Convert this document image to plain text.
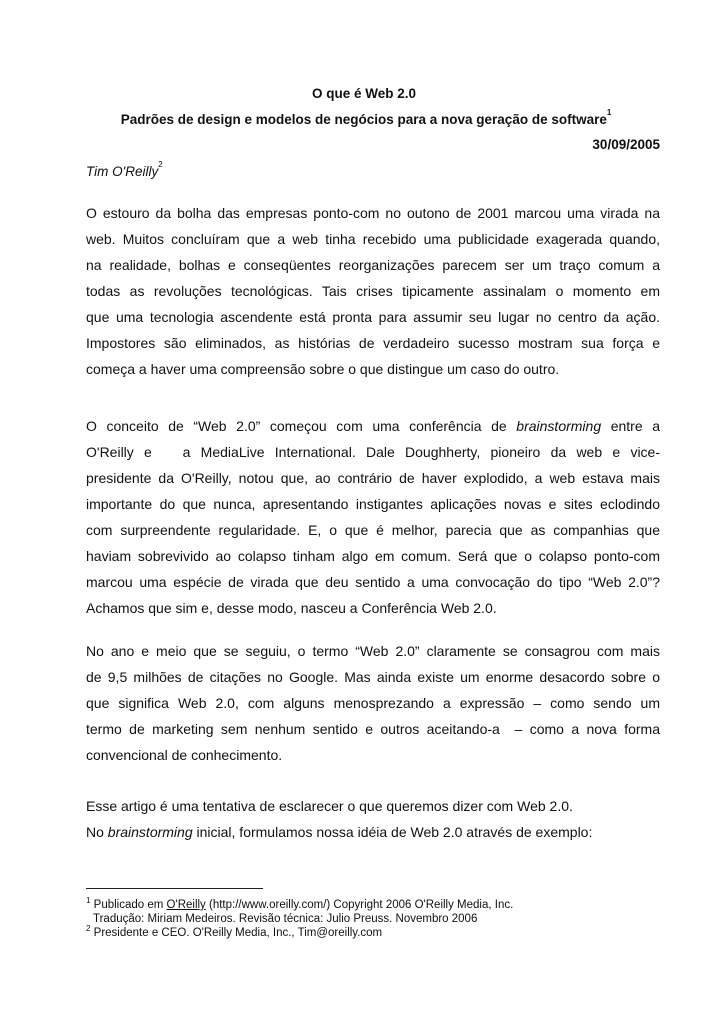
O que é Web 2.0
Padrões de design e modelos de negócios para a nova geração de software$^1$
30/09/2005
Tim O'Reilly$^2$
O estouro da bolha das empresas ponto-com no outono de 2001 marcou uma virada na
web. Muitos concluíram que a web tinha recebido uma publicidade exagerada quando,
na realidade, bolhas e conseqüentes reorganizações parecem ser um traço comum a
todas as revoluções tecnológicas. Tais crises tipicamente assinalam o momento em
que uma tecnologia ascendente está pronta para assumir seu lugar no centro da ação.
Impostores são eliminados, as histórias de verdadeiro sucesso mostram sua força e
começa a haver uma compreensão sobre o que distingue um caso do outro.
O conceito de “Web 2.0” começou com uma conferência de brainstorming entre a
O'Reilly e   a MediaLive International. Dale Doughherty, pioneiro da web e vice-
presidente da O'Reilly, notou que, ao contrário de haver explodido, a web estava mais
importante do que nunca, apresentando instigantes aplicações novas e sites eclodindo
com surpreendente regularidade. E, o que é melhor, parecia que as companhias que
haviam sobrevivido ao colapso tinham algo em comum. Será que o colapso ponto-com
marcou uma espécie de virada que deu sentido a uma convocação do tipo “Web 2.0”?
Achamos que sim e, desse modo, nasceu a Conferência Web 2.0.
No ano e meio que se seguiu, o termo “Web 2.0” claramente se consagrou com mais
de 9,5 milhões de citações no Google. Mas ainda existe um enorme desacordo sobre o
que significa Web 2.0, com alguns menosprezando a expressão – como sendo um
termo de marketing sem nenhum sentido e outros aceitando-a  – como a nova forma
convencional de conhecimento.
Esse artigo é uma tentativa de esclarecer o que queremos dizer com Web 2.0.
No brainstorming inicial, formulamos nossa idéia de Web 2.0 através de exemplo:
$^1$ Publicado em O'Reilly (http://www.oreilly.com/) Copyright 2006 O'Reilly Media, Inc.
Tradução: Miriam Medeiros. Revisão técnica: Julio Preuss. Novembro 2006
$^2$ Presidente e CEO. O'Reilly Media, Inc., Tim@oreilly.com
